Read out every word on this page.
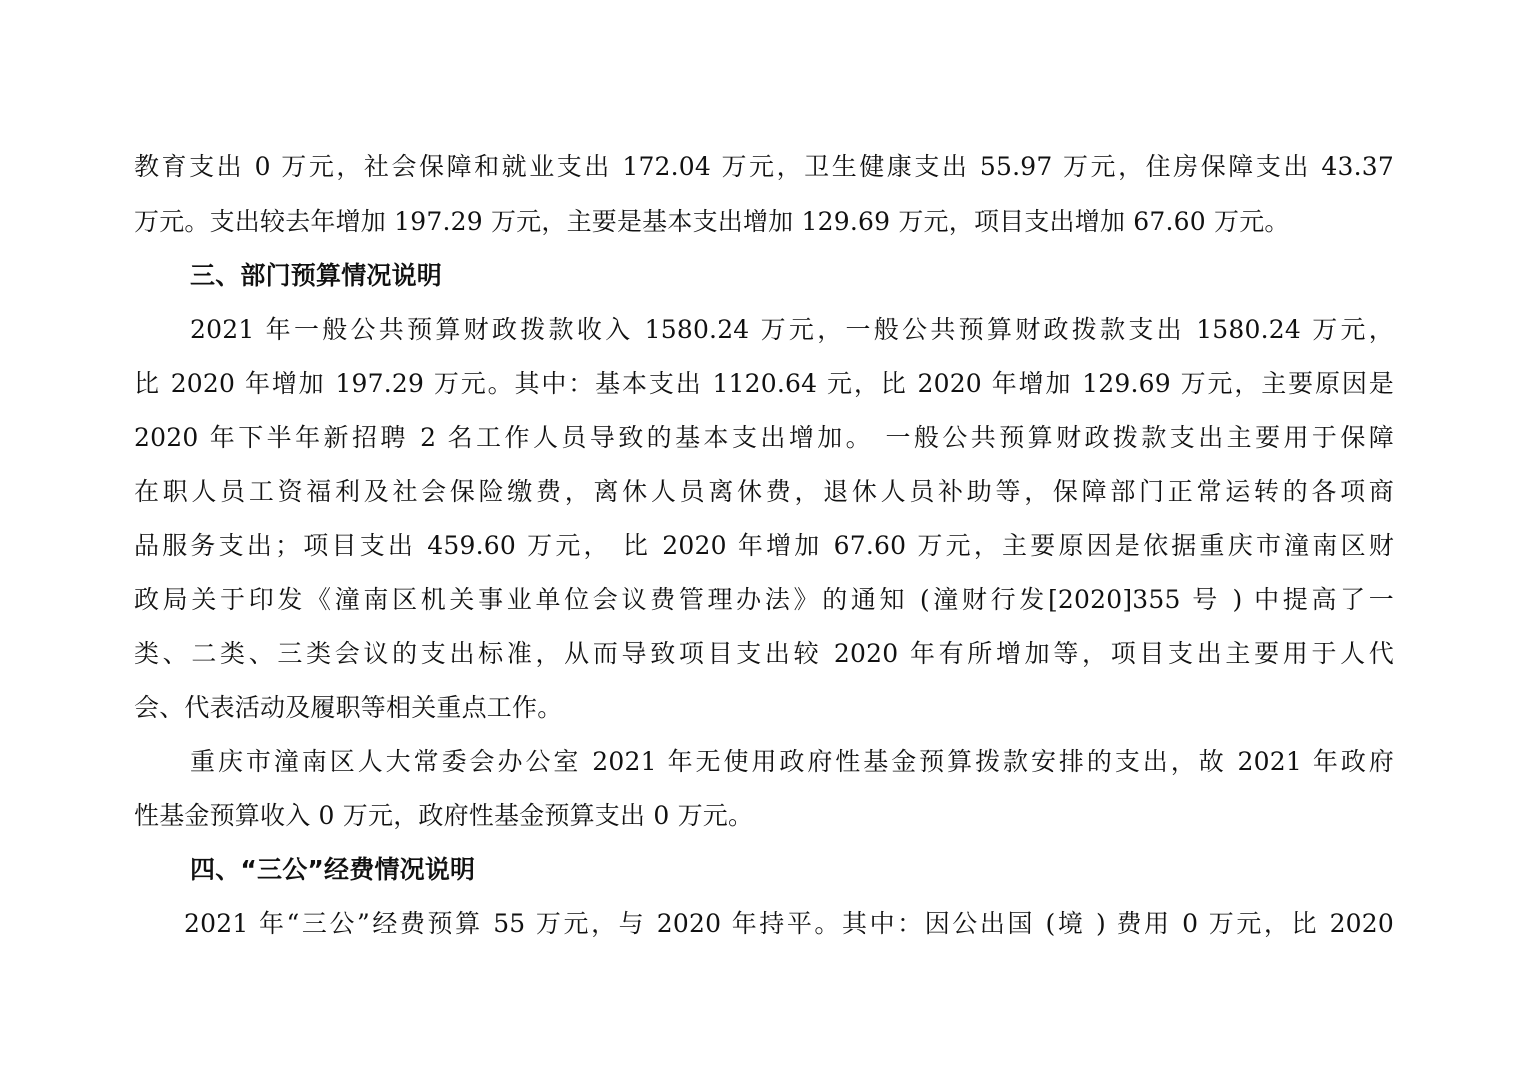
教育支出 0 万元，社会保障和就业支出 172.04 万元，卫生健康支出 55.97 万元，住房保障支出 43.37
万元。支出较去年增加 197.29 万元，主要是基本支出增加 129.69 万元，项目支出增加 67.60 万元。
三、部门预算情况说明
2021 年一般公共预算财政拨款收入 1580.24 万元，一般公共预算财政拨款支出 1580.24 万元，
比 2020 年增加 197.29 万元。其中：基本支出 1120.64 元，比 2020 年增加 129.69 万元，主要原因是
2020 年下半年新招聘 2 名工作人员导致的基本支出增加。 一般公共预算财政拨款支出主要用于保障
在职人员工资福利及社会保险缴费，离休人员离休费，退休人员补助等，保障部门正常运转的各项商
品服务支出；项目支出 459.60 万元， 比 2020 年增加 67.60 万元，主要原因是依据重庆市潼南区财
政局关于印发《潼南区机关事业单位会议费管理办法》的通知 (潼财行发[2020]355 号 ) 中提高了一
类、二类、三类会议的支出标准，从而导致项目支出较 2020 年有所增加等，项目支出主要用于人代
会、代表活动及履职等相关重点工作。
重庆市潼南区人大常委会办公室 2021 年无使用政府性基金预算拨款安排的支出，故 2021 年政府
性基金预算收入 0 万元，政府性基金预算支出 0 万元。
四、“三公”经费情况说明
2021 年“三公”经费预算 55 万元，与 2020 年持平。其中：因公出国 (境 ) 费用 0 万元，比 2020
